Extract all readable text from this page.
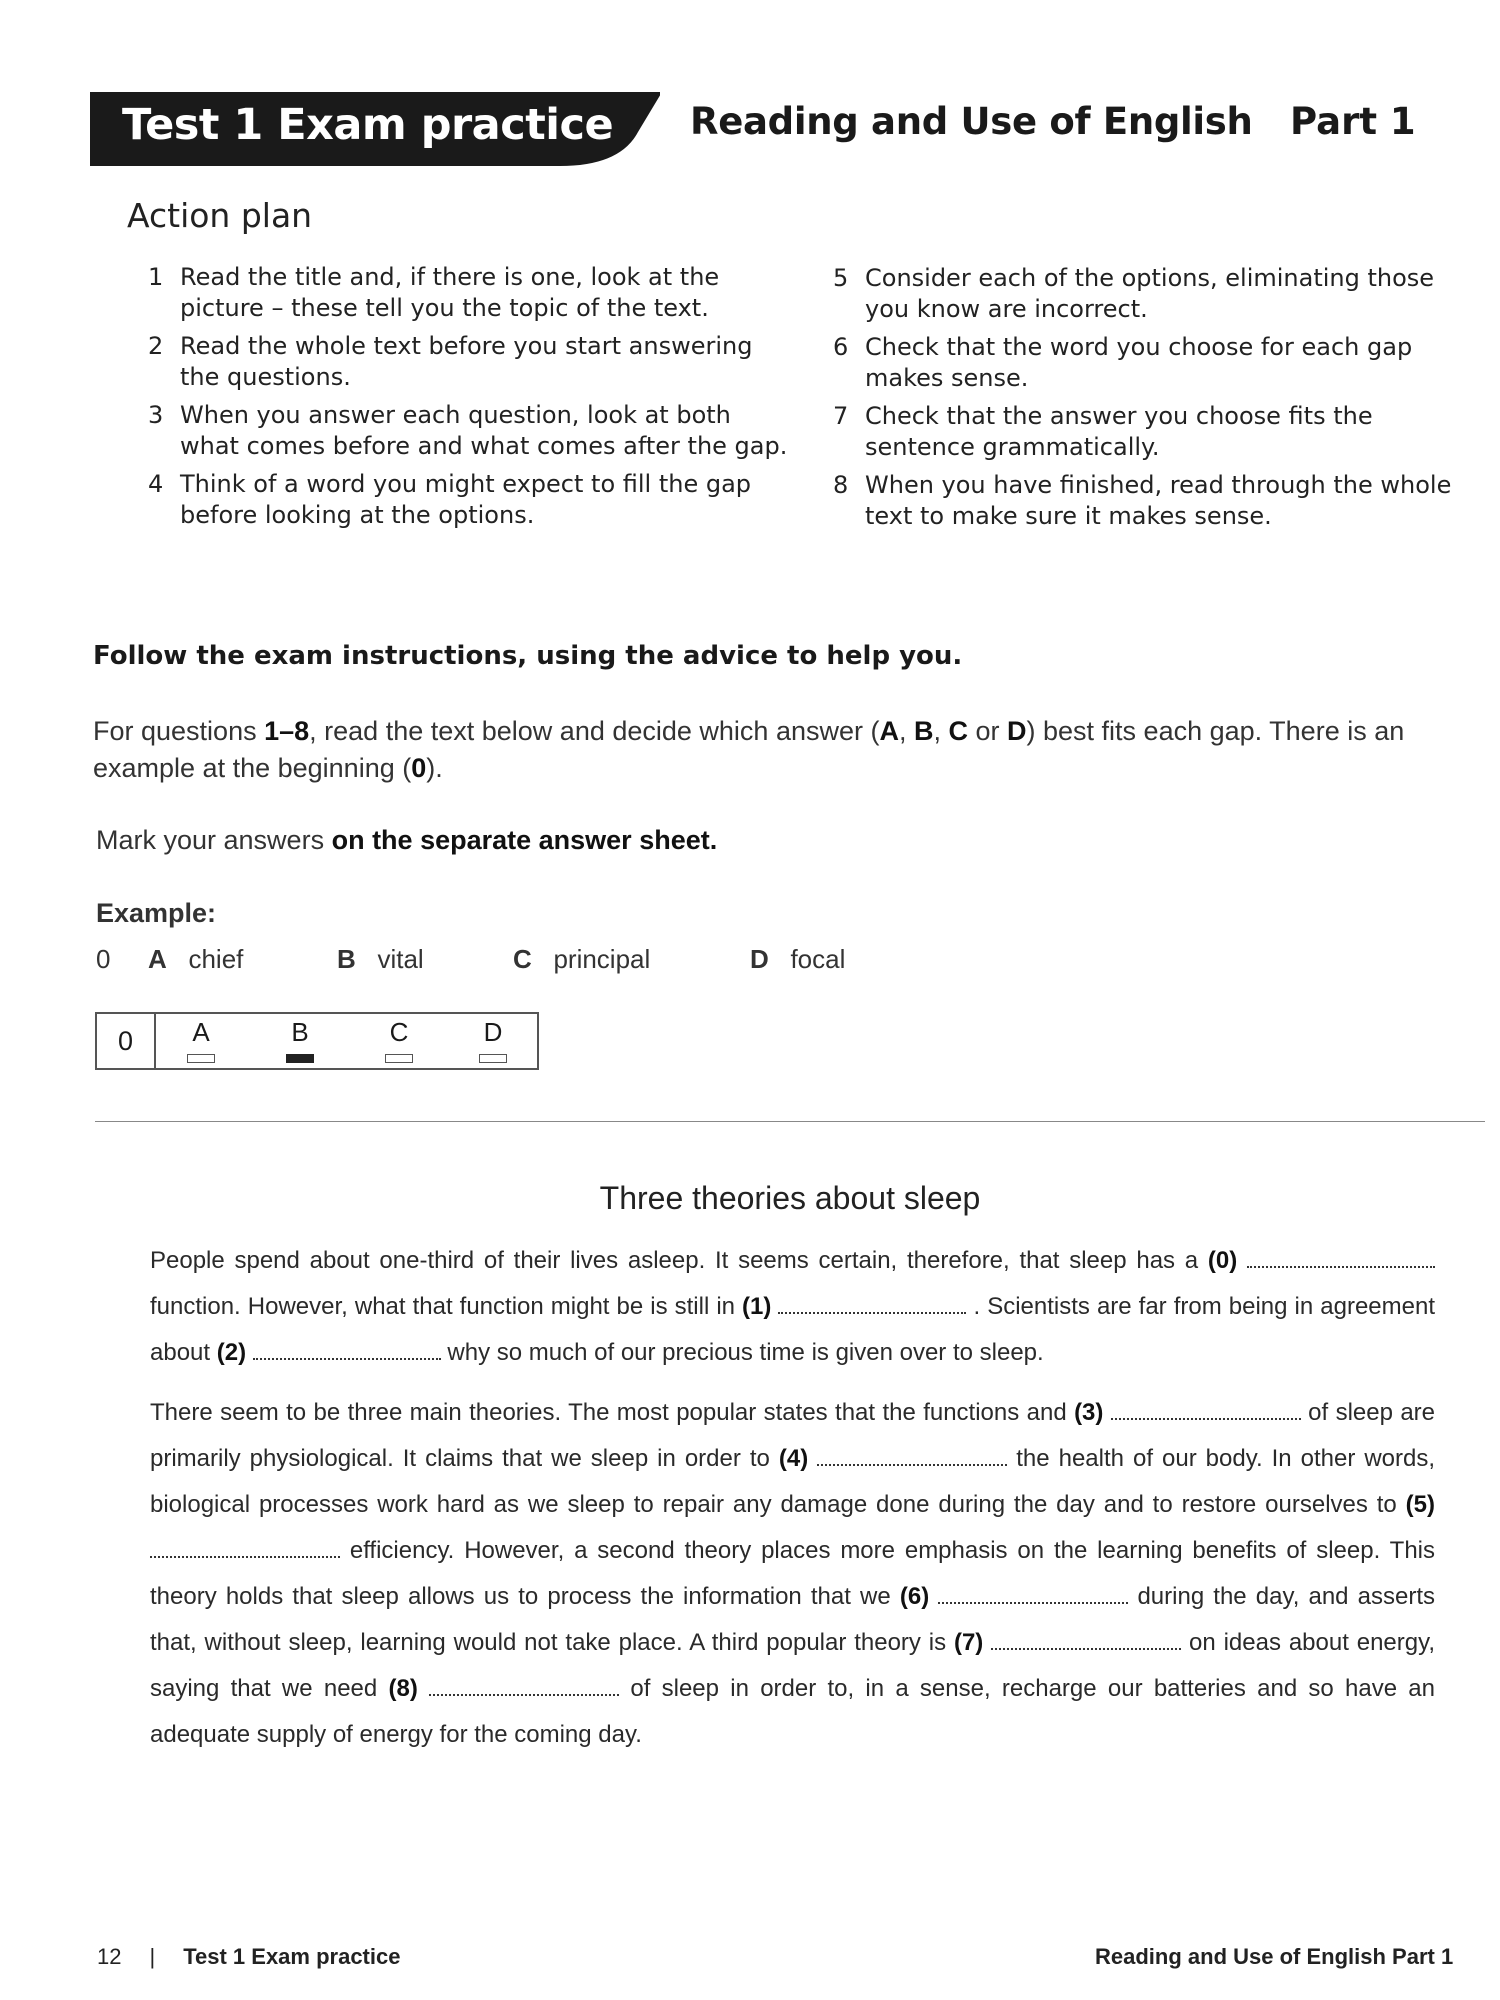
Test 1 Exam practice Reading and Use of English Part 1
Action plan
1 Read the title and, if there is one, look at the picture – these tell you the topic of the text.
2 Read the whole text before you start answering the questions.
3 When you answer each question, look at both what comes before and what comes after the gap.
4 Think of a word you might expect to fill the gap before looking at the options.
5 Consider each of the options, eliminating those you know are incorrect.
6 Check that the word you choose for each gap makes sense.
7 Check that the answer you choose fits the sentence grammatically.
8 When you have finished, read through the whole text to make sure it makes sense.
Follow the exam instructions, using the advice to help you.
For questions 1–8, read the text below and decide which answer (A, B, C or D) best fits each gap. There is an example at the beginning (0).
Mark your answers on the separate answer sheet.
Example:
0 A chief	B vital	C principal	D focal
0	A	B	C	D
Three theories about sleep
People spend about one-third of their lives asleep. It seems certain, therefore, that sleep has a (0)  function. However, what that function might be is still in (1)	. Scientists are far from being in agreement about (2)	why so much of our precious time is given over to sleep.
There seem to be three main theories. The most popular states that the functions and (3)	of sleep are primarily physiological. It claims that we sleep in order to (4)	the health of our body. In other words, biological processes work hard as we sleep to repair any damage done during the day and to restore ourselves to (5)  efficiency. However, a second theory places more emphasis on the learning benefits of sleep. This theory holds that sleep allows us to process the information that we (6)	during the day, and asserts that, without sleep, learning would not take place. A third popular theory is (7)	on ideas about energy, saying that we need (8)	of sleep in order to, in a sense, recharge our batteries and so have an adequate supply of energy for the coming day.
12 | Test 1 Exam practice	Reading and Use of English Part 1
